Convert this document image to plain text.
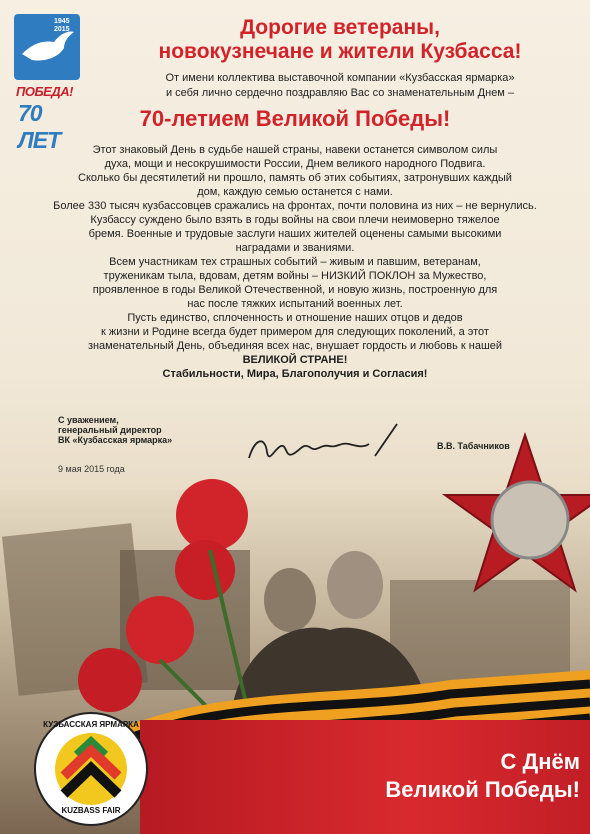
1945
2015
ПОБЕДА!
70 ЛЕТ
Дорогие ветераны,
новокузнечане и жители Кузбасса!
От имени коллектива выставочной компании «Кузбасская ярмарка»
и себя лично сердечно поздравляю Вас со знаменательным Днем –
70-летием Великой Победы!

Этот знаковый День в судьбе нашей страны, навеки останется символом силы

духа, мощи и несокрушимости России, Днем великого народного Подвига.

Сколько бы десятилетий ни прошло, память об этих событиях, затронувших каждый

дом, каждую семью останется с нами.

Более 330 тысяч кузбассовцев сражались на фронтах, почти половина из них – не вернулись.

Кузбассу суждено было взять в годы войны на свои плечи неимоверно тяжелое

бремя. Военные и трудовые заслуги наших жителей оценены самыми высокими

наградами и званиями.

Всем участникам тех страшных событий – живым и павшим, ветеранам,

труженикам тыла, вдовам, детям войны – НИЗКИЙ ПОКЛОН за Мужество,

проявленное в годы Великой Отечественной, и новую жизнь, построенную для

нас после тяжких испытаний военных лет.

Пусть единство, сплоченность и отношение наших отцов и дедов

к жизни и Родине всегда будет примером для следующих поколений, а этот

знаменательный День, объединяя всех нас, внушает гордость и любовь к нашей

ВЕЛИКОЙ СТРАНЕ!

Стабильности, Мира, Благополучия и Согласия!

С уважением,
генеральный директор
ВК «Кузбасская ярмарка»
9 мая 2015 года
В.В. Табачников
С Днём
Великой Победы!
КУЗБАССКАЯ ЯРМАРКА
KUZBASS FAIR
